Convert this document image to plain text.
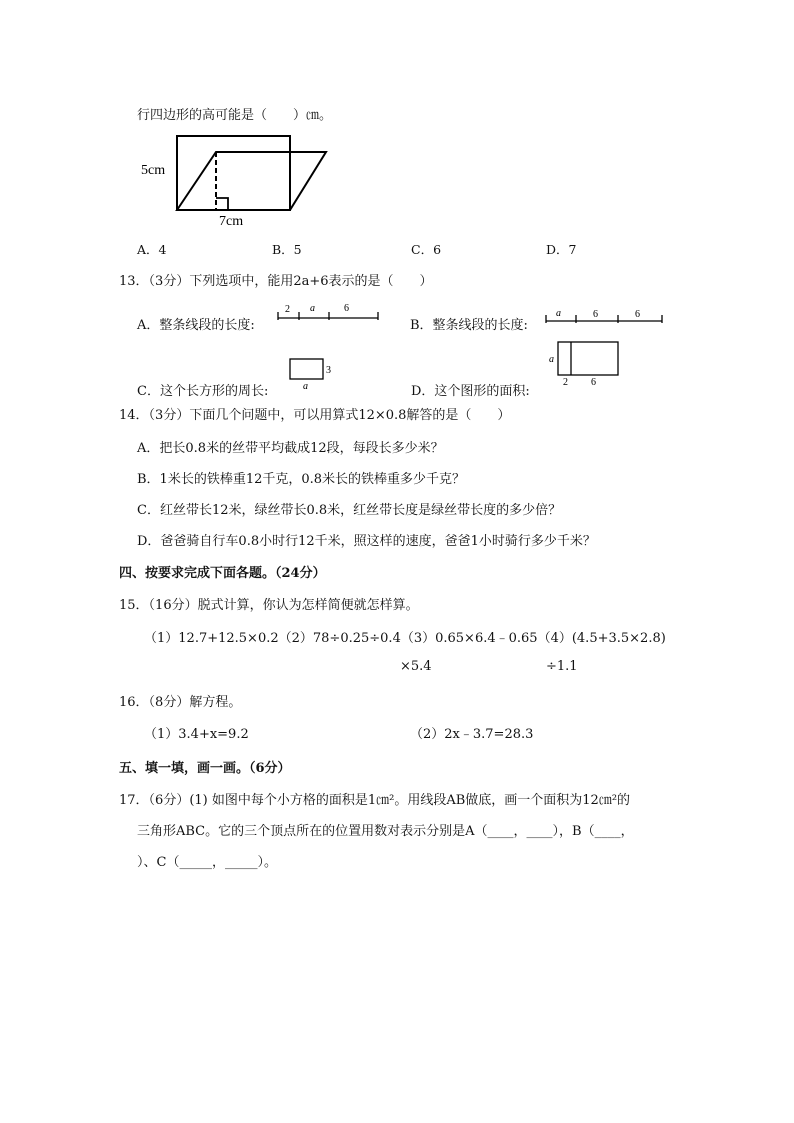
行四边形的高可能是（　　）㎝。
5cm
7cm
A．4	B．5	C．6	D．7
13．（3分）下列选项中，能用2a+6表示的是（　　）
A．整条线段的长度:
2 a	6
B．整条线段的长度:
a	6	6
C．这个长方形的周长:
3
a	D．这个图形的面积:
a
2 6
14．（3分）下面几个问题中，可以用算式12×0.8解答的是（　　）
A．把长0.8米的丝带平均截成12段，每段长多少米？
B．1米长的铁棒重12千克，0.8米长的铁棒重多少千克？
C．红丝带长12米，绿丝带长0.8米，红丝带长度是绿丝带长度的多少倍？
D．爸爸骑自行车0.8小时行12千米，照这样的速度，爸爸1小时骑行多少千米？
四、按要求完成下面各题。（24分）
15．（16分）脱式计算，你认为怎样简便就怎样算。
（1）12.7+12.5×0.2（2）78÷0.25÷0.4（3）0.65×6.4﹣0.65（4）(4.5+3.5×2.8)
×5.4	÷1.1
16．（8分）解方程。
（1）3.4+x=9.2	（2）2x﹣3.7=28.3
五、填一填，画一画。（6分）
17．（6分）(1) 如图中每个小方格的面积是1㎝²。用线段AB做底，画一个面积为12㎝²的
三角形ABC。它的三个顶点所在的位置用数对表示分别是A（____，____），B（____，
）、C（_____，_____）。
